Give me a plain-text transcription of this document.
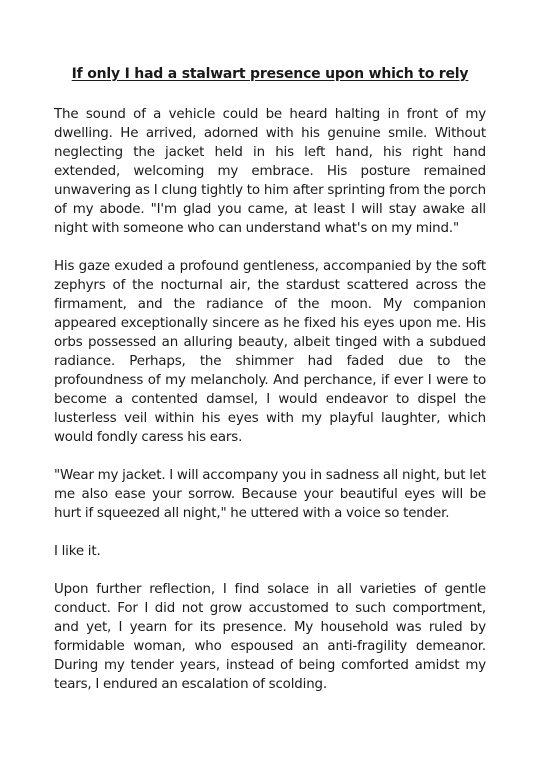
If only I had a stalwart presence upon which to rely

The sound of a vehicle could be heard halting in front of my dwelling. He arrived, adorned with his genuine smile. Without neglecting the jacket held in his left hand, his right hand extended, welcoming my embrace. His posture remained unwavering as I clung tightly to him after sprinting from the porch of my abode. "I'm glad you came, at least I will stay awake all night with someone who can understand what's on my mind."

His gaze exuded a profound gentleness, accompanied by the soft zephyrs of the nocturnal air, the stardust scattered across the firmament, and the radiance of the moon. My companion appeared exceptionally sincere as he fixed his eyes upon me. His orbs possessed an alluring beauty, albeit tinged with a subdued radiance. Perhaps, the shimmer had faded due to the profoundness of my melancholy. And perchance, if ever I were to become a contented damsel, I would endeavor to dispel the lusterless veil within his eyes with my playful laughter, which would fondly caress his ears.

"Wear my jacket. I will accompany you in sadness all night, but let me also ease your sorrow. Because your beautiful eyes will be hurt if squeezed all night," he uttered with a voice so tender.

I like it.

Upon further reflection, I find solace in all varieties of gentle conduct. For I did not grow accustomed to such comportment, and yet, I yearn for its presence. My household was ruled by formidable woman, who espoused an anti-fragility demeanor. During my tender years, instead of being comforted amidst my tears, I endured an escalation of scolding.
